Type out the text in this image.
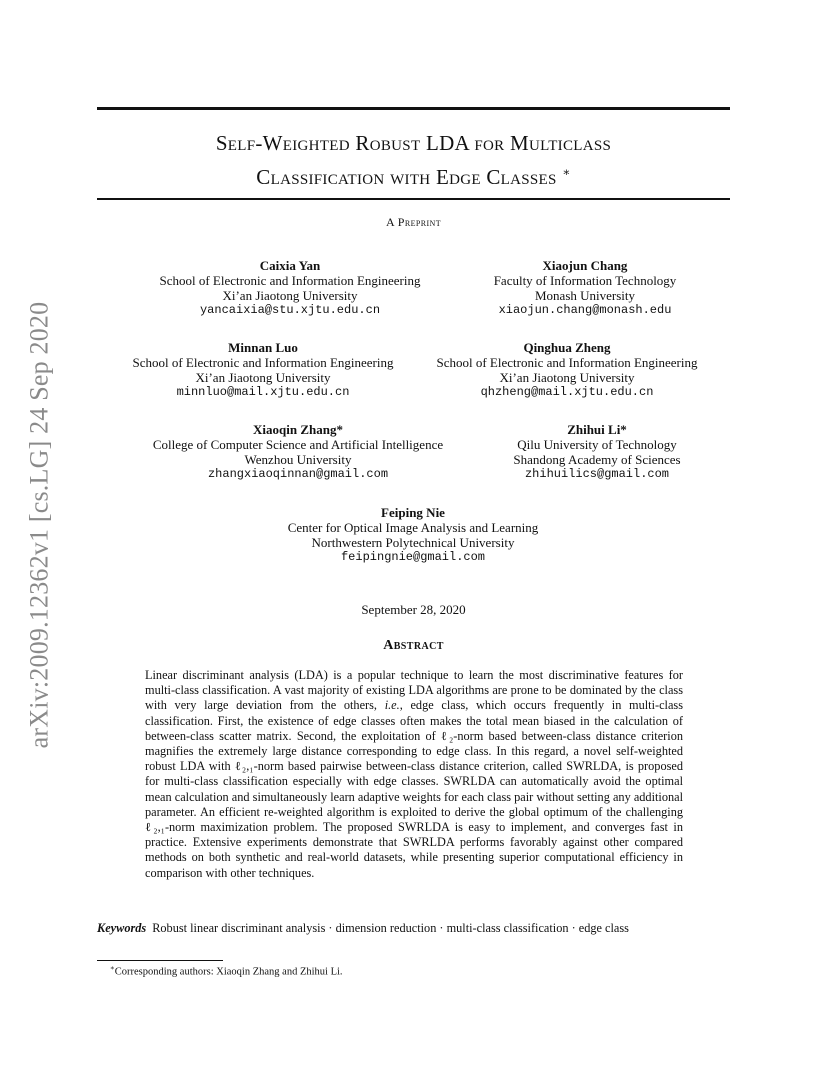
arXiv:2009.12362v1 [cs.LG] 24 Sep 2020
Self-Weighted Robust LDA for Multiclass
Classification with Edge Classes ∗
A Preprint
Caixia Yan
School of Electronic and Information Engineering
Xi’an Jiaotong University
yancaixia@stu.xjtu.edu.cn
Xiaojun Chang
Faculty of Information Technology
Monash University
xiaojun.chang@monash.edu
Minnan Luo
School of Electronic and Information Engineering
Xi’an Jiaotong University
minnluo@mail.xjtu.edu.cn
Qinghua Zheng
School of Electronic and Information Engineering
Xi’an Jiaotong University
qhzheng@mail.xjtu.edu.cn
Xiaoqin Zhang*
College of Computer Science and Artificial Intelligence
Wenzhou University
zhangxiaoqinnan@gmail.com
Zhihui Li*
Qilu University of Technology
Shandong Academy of Sciences
zhihuilics@gmail.com
Feiping Nie
Center for Optical Image Analysis and Learning
Northwestern Polytechnical University
feipingnie@gmail.com
September 28, 2020
Abstract

Linear discriminant analysis (LDA) is a popular technique to learn the most discriminative features for multi-class classification. A vast majority of existing LDA algorithms are prone to be dominated by the class with very large deviation from the others, i.e., edge class, which occurs frequently in multi-class classification. First, the existence of edge classes often makes the total mean biased in the calculation of between-class scatter matrix. Second, the exploitation of ℓ₂-norm based between-class distance criterion magnifies the extremely large distance corresponding to edge class. In this regard, a novel self-weighted robust LDA with ℓ₂,₁-norm based pairwise between-class distance criterion, called SWRLDA, is proposed for multi-class classification especially with edge classes. SWRLDA can automatically avoid the optimal mean calculation and simultaneously learn adaptive weights for each class pair without setting any additional parameter. An efficient re-weighted algorithm is exploited to derive the global optimum of the challenging ℓ₂,₁-norm maximization problem. The proposed SWRLDA is easy to implement, and converges fast in practice. Extensive experiments demonstrate that SWRLDA performs favorably against other compared methods on both synthetic and real-world datasets, while presenting superior computational efficiency in comparison with other techniques.

Keywords Robust linear discriminant analysis · dimension reduction · multi-class classification · edge class
∗Corresponding authors: Xiaoqin Zhang and Zhihui Li.
